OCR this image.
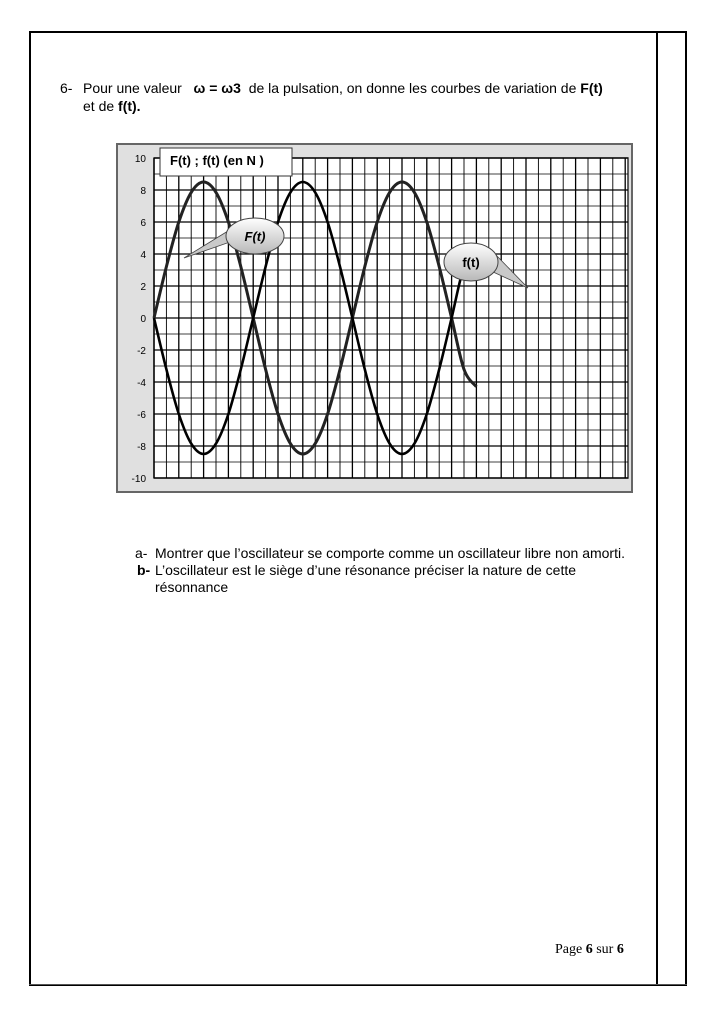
6- Pour une valeur ω = ω3 de la pulsation, on donne les courbes de variation de F(t)
et de f(t).
10
8
6
4
2
0
-2
-4
-6
-8
-10
F(t) ; f(t) (en N )
F(t)
f(t)
a- Montrer que l’oscillateur se comporte comme un oscillateur libre non amorti.
b- L’oscillateur est le siège d’une résonance préciser la nature de cette résonnance
Page 6 sur 6
